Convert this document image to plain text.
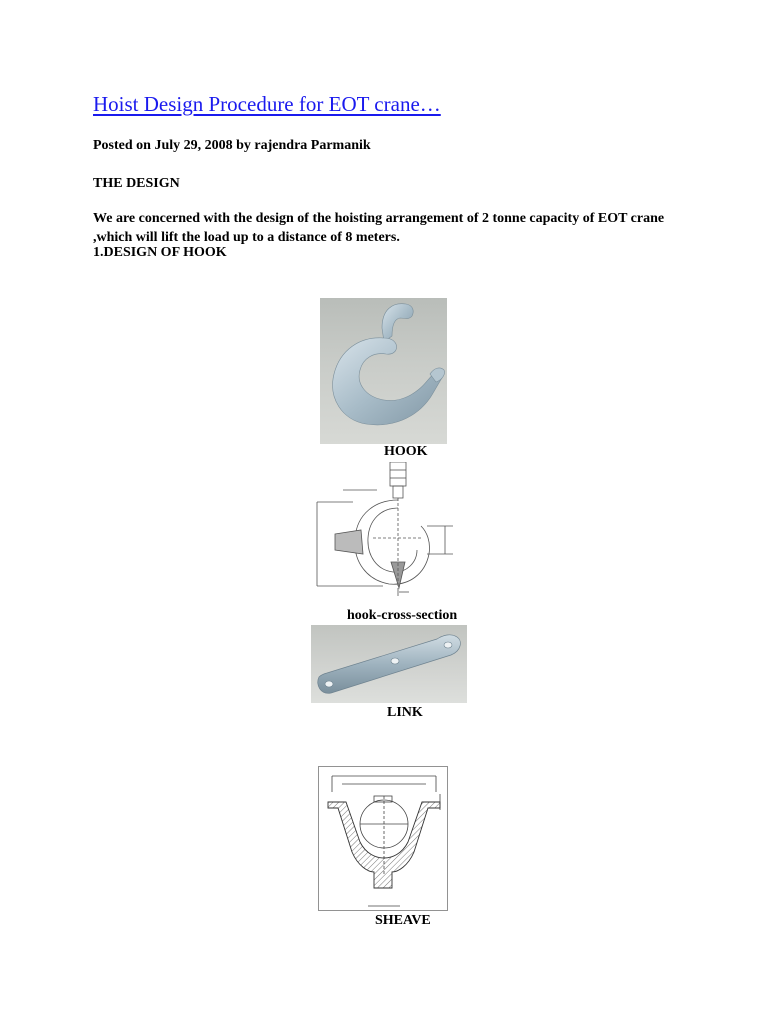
Hoist Design Procedure for EOT crane…
Posted on July 29, 2008 by rajendra Parmanik
THE DESIGN
We are concerned with the design of the hoisting arrangement of 2 tonne capacity of EOT crane ,which will lift the load up to a distance of 8 meters.
1.DESIGN OF HOOK
HOOK
hook-cross-section
LINK
SHEAVE
